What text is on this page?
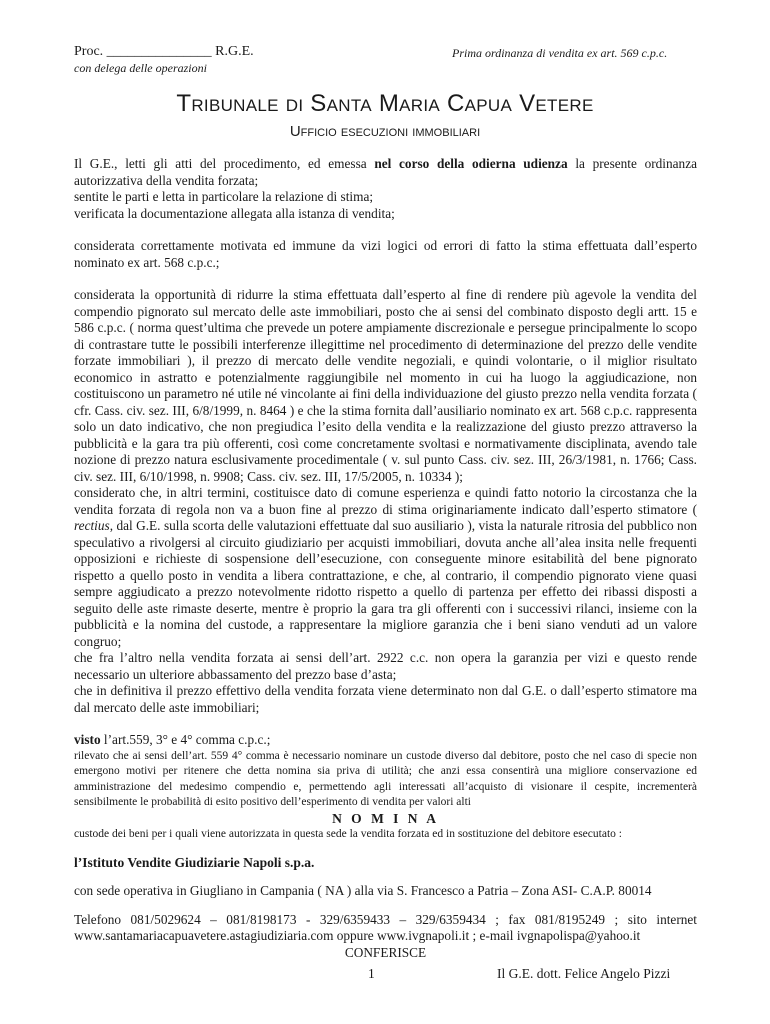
Proc. _______________ R.G.E.
con delega delle operazioni
Prima ordinanza di vendita ex art. 569 c.p.c.
Tribunale di Santa Maria Capua Vetere
Ufficio esecuzioni immobiliari

Il G.E., letti gli atti del procedimento, ed emessa nel corso della odierna udienza la presente ordinanza autorizzativa della vendita forzata;

sentite le parti e letta in particolare la relazione di stima;

verificata la documentazione allegata alla istanza di vendita;

considerata correttamente motivata ed immune da vizi logici od errori di fatto la stima effettuata dall’esperto nominato ex art. 568 c.p.c.;

considerata la opportunità di ridurre la stima effettuata dall’esperto al fine di rendere più agevole la vendita del compendio pignorato sul mercato delle aste immobiliari, posto che ai sensi del combinato disposto degli artt. 15 e 586 c.p.c. ( norma quest’ultima che prevede un potere ampiamente discrezionale e persegue principalmente lo scopo di contrastare tutte le possibili interferenze illegittime nel procedimento di determinazione del prezzo delle vendite forzate immobiliari ), il prezzo di mercato delle vendite negoziali, e quindi volontarie, o il miglior risultato economico in astratto e potenzialmente raggiungibile nel momento in cui ha luogo la aggiudicazione, non costituiscono un parametro né utile né vincolante ai fini della individuazione del giusto prezzo nella vendita forzata ( cfr. Cass. civ. sez. III, 6/8/1999, n. 8464 ) e che la stima fornita dall’ausiliario nominato ex art. 568 c.p.c. rappresenta solo un dato indicativo, che non pregiudica l’esito della vendita e la realizzazione del giusto prezzo attraverso la pubblicità e la gara tra più offerenti, così come concretamente svoltasi e normativamente disciplinata, avendo tale nozione di prezzo natura esclusivamente procedimentale ( v. sul punto Cass. civ. sez. III, 26/3/1981, n. 1766; Cass. civ. sez. III, 6/10/1998, n. 9908; Cass. civ. sez. III, 17/5/2005, n. 10334 );

considerato che, in altri termini, costituisce dato di comune esperienza e quindi fatto notorio la circostanza che la vendita forzata di regola non va a buon fine al prezzo di stima originariamente indicato dall’esperto stimatore ( rectius, dal G.E. sulla scorta delle valutazioni effettuate dal suo ausiliario ), vista la naturale ritrosia del pubblico non speculativo a rivolgersi al circuito giudiziario per acquisti immobiliari, dovuta anche all’alea insita nelle frequenti opposizioni e richieste di sospensione dell’esecuzione, con conseguente minore esitabilità del bene pignorato rispetto a quello posto in vendita a libera contrattazione, e che, al contrario, il compendio pignorato viene quasi sempre aggiudicato a prezzo notevolmente ridotto rispetto a quello di partenza per effetto dei ribassi disposti a seguito delle aste rimaste deserte, mentre è proprio la gara tra gli offerenti con i successivi rilanci, insieme con la pubblicità e la nomina del custode, a rappresentare la migliore garanzia che i beni siano venduti ad un valore congruo;

che fra l’altro nella vendita forzata ai sensi dell’art. 2922 c.c. non opera la garanzia per vizi e questo rende necessario un ulteriore abbassamento del prezzo base d’asta;

che in definitiva il prezzo effettivo della vendita forzata viene determinato non dal G.E. o dall’esperto stimatore ma dal mercato delle aste immobiliari;

visto l’art.559, 3° e 4° comma c.p.c.;

rilevato che ai sensi dell’art. 559 4° comma è necessario nominare un custode diverso dal debitore, posto che nel caso di specie non emergono motivi per ritenere che detta nomina sia priva di utilità; che anzi essa consentirà una migliore conservazione ed amministrazione del medesimo compendio e, permettendo agli interessati all’acquisto di visionare il cespite, incrementerà sensibilmente le probabilità di esito positivo dell’esperimento di vendita per valori alti

N O M I N A

custode dei beni per i quali viene autorizzata in questa sede la vendita forzata ed in sostituzione del debitore esecutato :

l’Istituto Vendite Giudiziarie Napoli s.p.a.

con sede operativa in Giugliano in Campania ( NA ) alla via S. Francesco a Patria – Zona ASI- C.A.P. 80014

Telefono 081/5029624 – 081/8198173 - 329/6359433 – 329/6359434 ; fax 081/8195249 ; sito internet www.santamariacapuavetere.astagiudiziaria.com oppure www.ivgnapoli.it ; e-mail ivgnapolispa@yahoo.it

CONFERISCE

1	Il G.E. dott. Felice Angelo Pizzi
